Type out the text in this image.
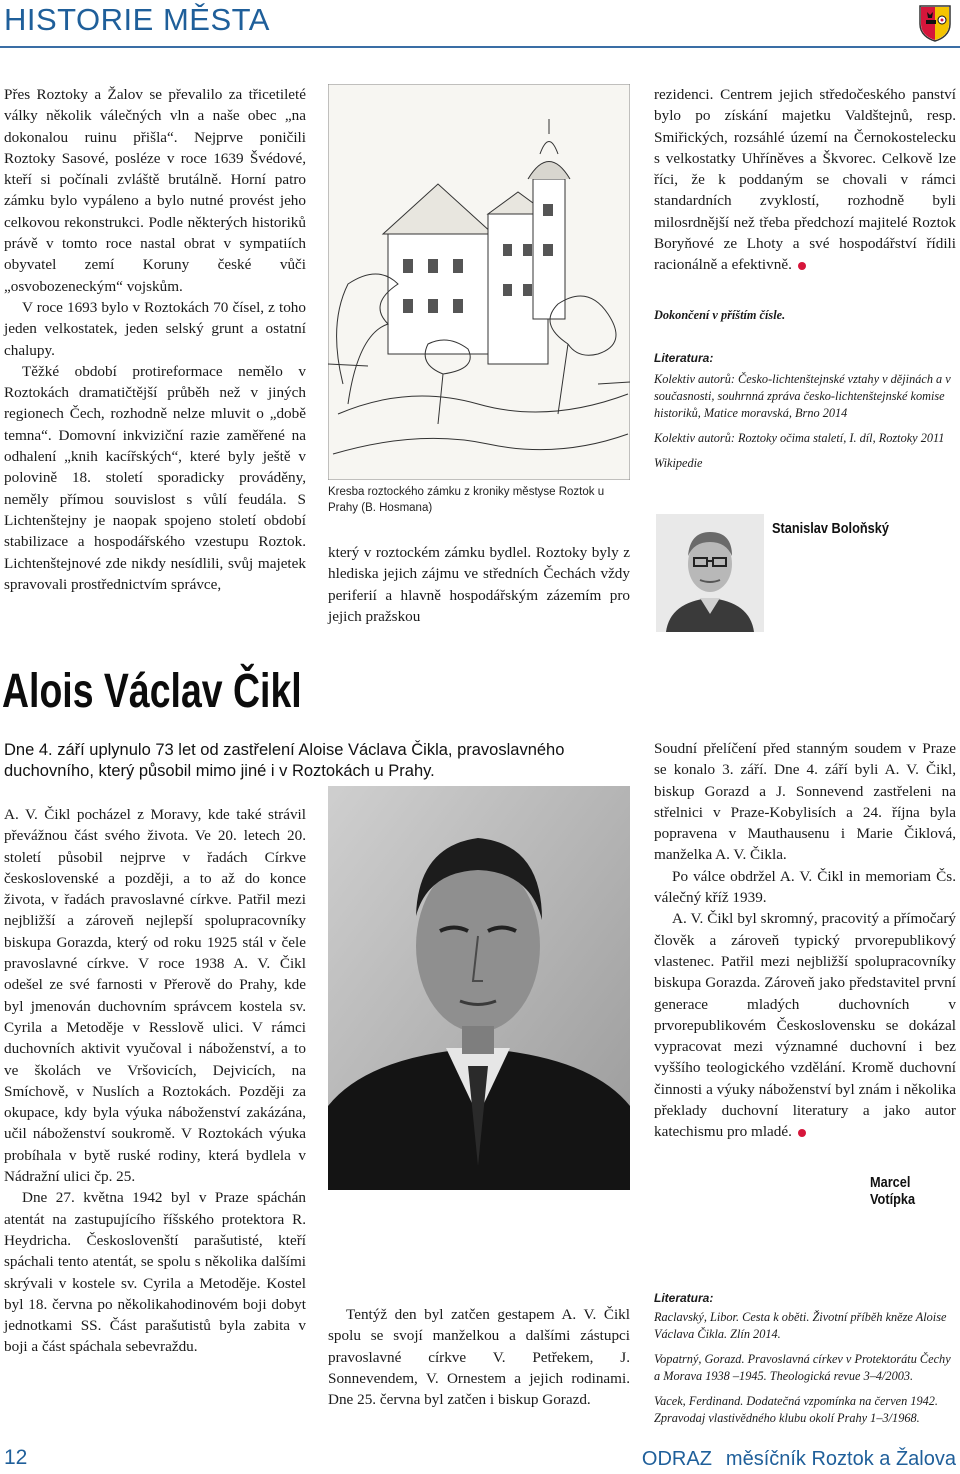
HISTORIE MĚSTA

Přes Roztoky a Žalov se převalilo za třicetileté války několik válečných vln a naše obec „na dokonalou ruinu přišla“. Nejprve poničili Roztoky Sasové, posléze v roce 1639 Švédové, kteří si počínali zvláště brutálně. Horní patro zámku bylo vypáleno a bylo nutné provést jeho celkovou rekonstrukci. Podle některých historiků právě v tomto roce nastal obrat v sympatiích obyvatel zemí Koruny české vůči „osvobozeneckým“ vojskům.

V roce 1693 bylo v Roztokách 70 čísel, z toho jeden velkostatek, jeden selský grunt a ostatní chalupy.

Těžké období protireformace nemělo v Roztokách dramatičtější průběh než v jiných regionech Čech, rozhodně nelze mluvit o „době temna“. Domovní inkviziční razie zaměřené na odhalení „knih kacířských“, které byly ještě v polovině 18. století sporadicky prováděny, neměly přímou souvislost s vůlí feudála. S Lichtenštejny je naopak spojeno století období stabilizace a hospodářského vzestupu Roztok. Lichtenštejnové zde nikdy nesídlili, svůj majetek spravovali prostřednictvím správce,

Kresba roztockého zámku z kroniky městyse Roztok u Prahy (B. Hosmana)

který v roztockém zámku bydlel. Roztoky byly z hlediska jejich zájmu ve středních Čechách vždy periferií a hlavně hospodářským zázemím pro jejich pražskou

rezidenci. Centrem jejich středočeského panství bylo po získání majetku Valdštejnů, resp. Smiřických, rozsáhlé území na Černokostelecku s velkostatky Uhříněves a Škvorec. Celkově lze říci, že k poddaným se chovali v rámci standardních zvyklostí, rozhodně byli milosrdnější než třeba předchozí majitelé Roztok Boryňové ze Lhoty a své hospodářství řídili racionálně a efektivně.

Dokončení v příštím čísle.
Literatura:

Kolektiv autorů: Česko-lichtenštejnské vztahy v dějinách a v současnosti, souhrnná zpráva česko-lichtenštejnské komise historiků, Matice moravská, Brno 2014

Kolektiv autorů: Roztoky očima staletí, I. díl, Roztoky 2011

Wikipedie

Stanislav Boloňský
Alois Václav Čikl
Dne 4. září uplynulo 73 let od zastřelení Aloise Václava Čikla, pravoslavného duchovního, který působil mimo jiné i v Roztokách u Prahy.

A. V. Čikl pocházel z Moravy, kde také strávil převážnou část svého života. Ve 20. letech 20. století působil nejprve v řadách Církve československé a později, a to až do konce života, v řadách pravoslavné církve. Patřil mezi nejbližší a zároveň nejlepší spolupracovníky biskupa Gorazda, který od roku 1925 stál v čele pravoslavné církve. V roce 1938 A. V. Čikl odešel ze své farnosti v Přerově do Prahy, kde byl jmenován duchovním správcem kostela sv. Cyrila a Metoděje v Resslově ulici. V rámci duchovních aktivit vyučoval i náboženství, a to ve školách ve Vršovicích, Dejvicích, na Smíchově, v Nuslích a Roztokách. Později za okupace, kdy byla výuka náboženství zakázána, učil náboženství soukromě. V Roztokách výuka probíhala v bytě ruské rodiny, která bydlela v Nádražní ulici čp. 25.

Dne 27. května 1942 byl v Praze spáchán atentát na zastupujícího říšského protektora R. Heydricha. Českoslovenští parašutisté, kteří spáchali tento atentát, se spolu s několika dalšími skrývali v kostele sv. Cyrila a Metoděje. Kostel byl 18. června po několikahodinovém boji dobyt jednotkami SS. Část parašutistů byla zabita v boji a část spáchala sebevraždu.

Tentýž den byl zatčen gestapem A. V. Čikl spolu se svojí manželkou a dalšími zástupci pravoslavné církve V. Petřekem, J. Sonnevendem, V. Ornestem a jejich rodinami. Dne 25. června byl zatčen i biskup Gorazd.

Soudní přelíčení před stanným soudem v Praze se konalo 3. září. Dne 4. září byli A. V. Čikl, biskup Gorazd a J. Sonnevend zastřeleni na střelnici v Praze-Kobylisích a 24. října byla popravena v Mauthausenu i Marie Čiklová, manželka A. V. Čikla.

Po válce obdržel A. V. Čikl in memoriam Čs. válečný kříž 1939.

A. V. Čikl byl skromný, pracovitý a přímočarý člověk a zároveň typický prvorepublikový vlastenec. Patřil mezi nejbližší spolupracovníky biskupa Gorazda. Zároveň jako představitel první generace mladých duchovních v prvorepublikovém Československu se dokázal vypracovat mezi významné duchovní i bez vyššího teologického vzdělání. Kromě duchovní činnosti a výuky náboženství byl znám i několika překlady duchovní literatury a jako autor katechismu pro mladé.

Marcel Votípka
Literatura:

Raclavský, Libor. Cesta k oběti. Životní příběh kněze Aloise Václava Čikla. Zlín 2014.

Vopatrný, Gorazd. Pravoslavná církev v Protektorátu Čechy a Morava 1938 –1945. Theologická revue 3–4/2003.

Vacek, Ferdinand. Dodatečná vzpomínka na červen 1942. Zpravodaj vlastivědného klubu okolí Prahy 1–3/1968.

12	ODRAZ měsíčník Roztok a Žalova
